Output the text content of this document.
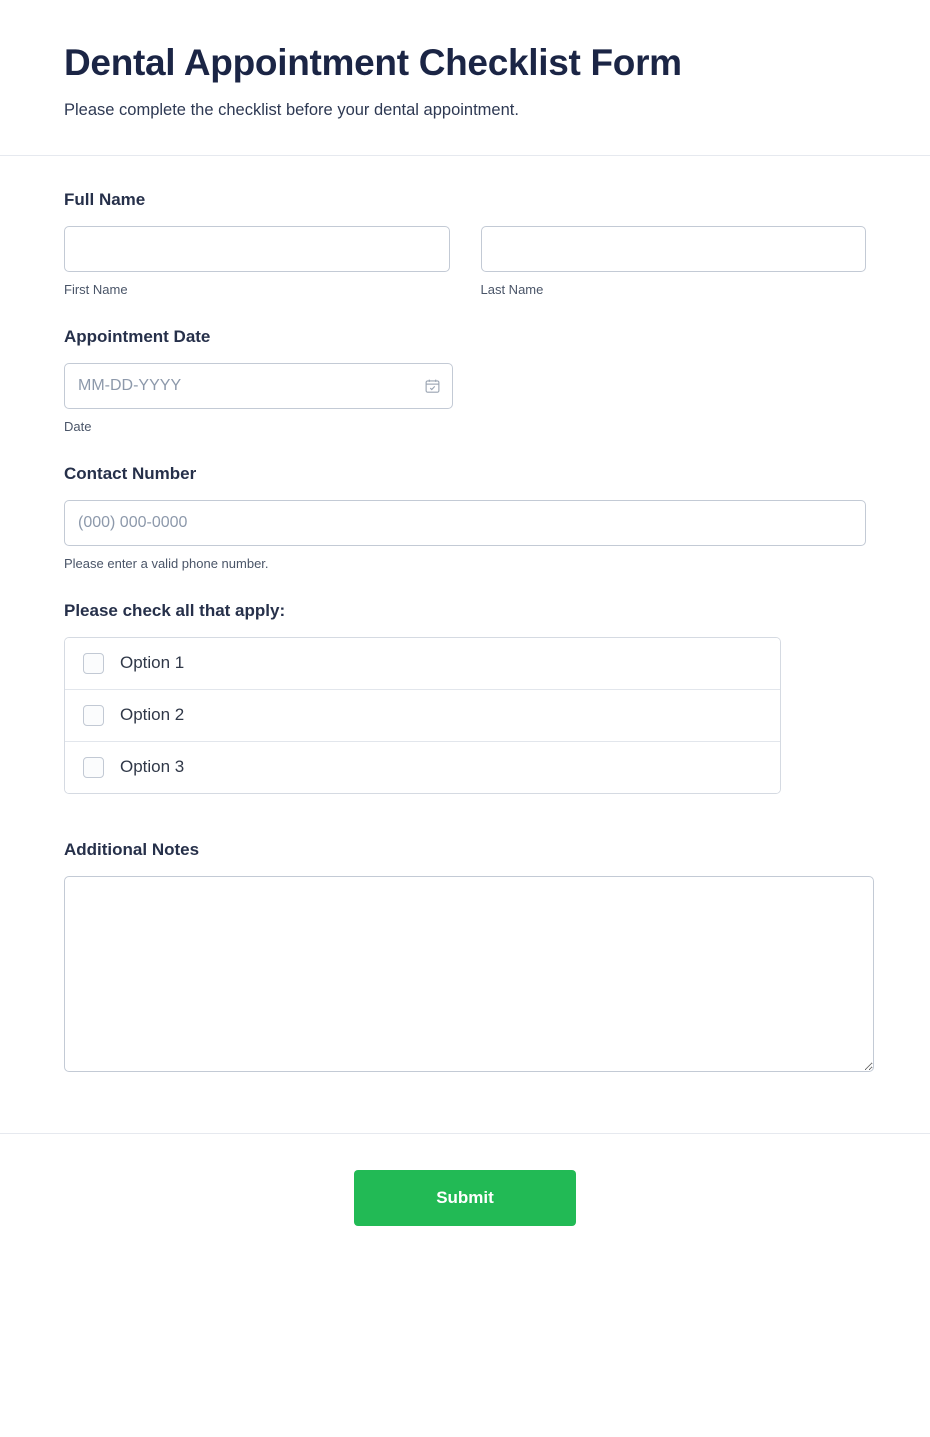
Dental Appointment Checklist Form

Please complete the checklist before your dental appointment.

Full Name
First Name	Last Name
Appointment Date
MM-DD-YYYY
Date
Contact Number
(000) 000-0000
Please enter a valid phone number.
Please check all that apply:
Option 1
Option 2
Option 3
Additional Notes
Submit
